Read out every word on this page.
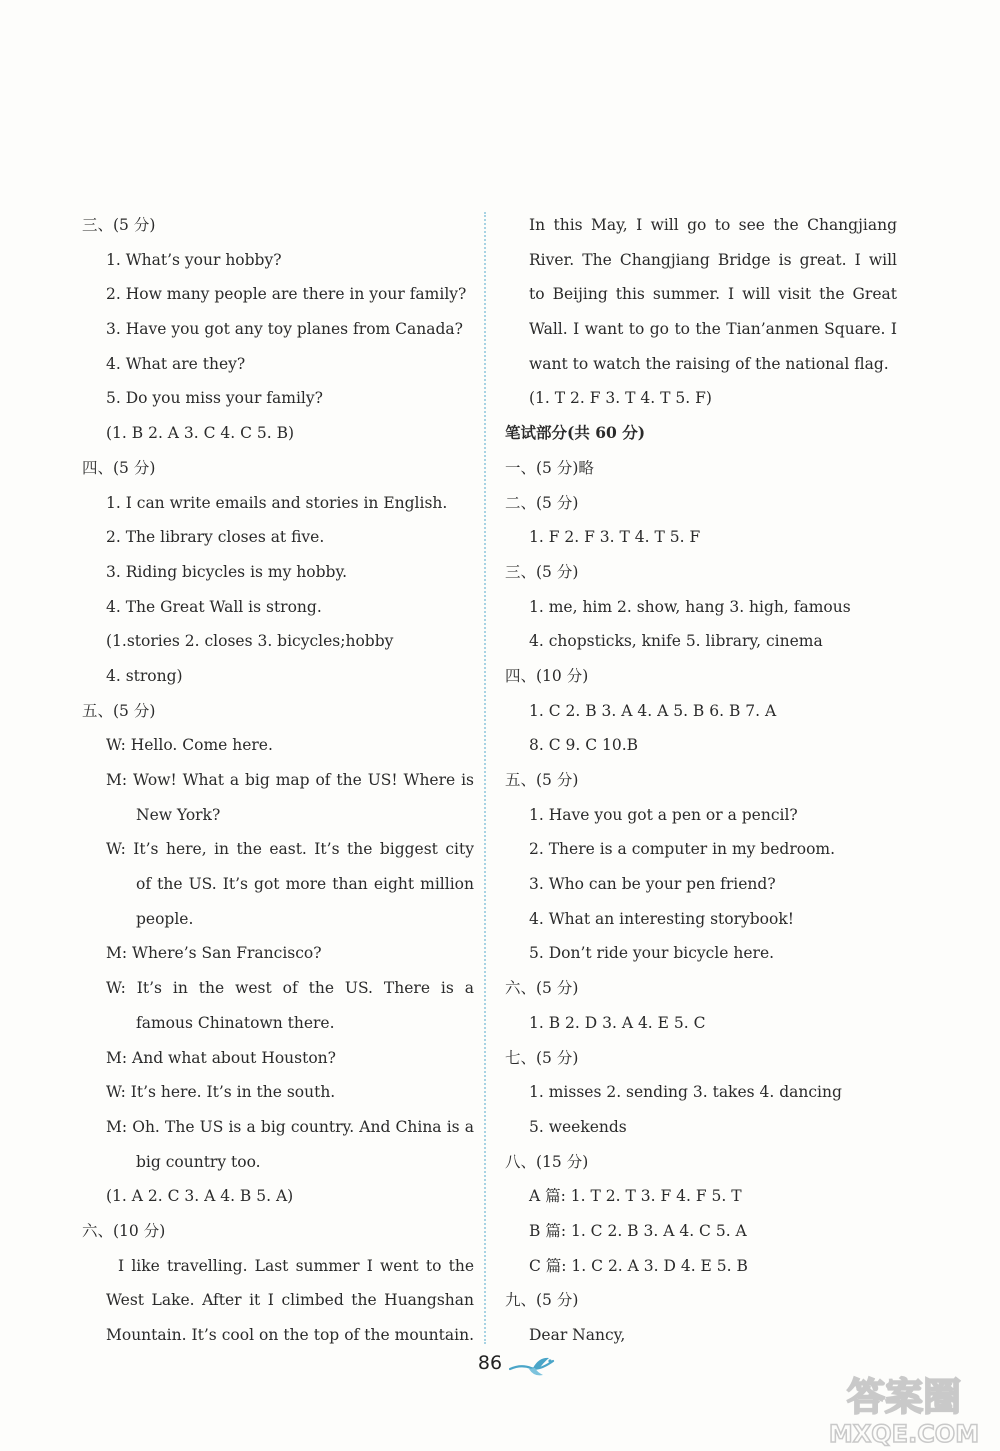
三、(5 分)
1. What’s your hobby?
2. How many people are there in your family?
3. Have you got any toy planes from Canada?
4. What are they?
5. Do you miss your family?
(1. B 2. A 3. C 4. C 5. B)
四、(5 分)
1. I can write emails and stories in English.
2. The library closes at five.
3. Riding bicycles is my hobby.
4. The Great Wall is strong.
(1.stories 2. closes 3. bicycles;hobby
4. strong)
五、(5 分)
W: Hello. Come here.
M: Wow! What a big map of the US! Where is
New York?
W: It’s here, in the east. It’s the biggest city
of the US. It’s got more than eight million
people.
M: Where’s San Francisco?
W: It’s in the west of the US. There is a
famous Chinatown there.
M: And what about Houston?
W: It’s here. It’s in the south.
M: Oh. The US is a big country. And China is a
big country too.
(1. A 2. C 3. A 4. B 5. A)
六、(10 分)
I like travelling. Last summer I went to the
West Lake. After it I climbed the Huangshan
Mountain. It’s cool on the top of the mountain.
In this May, I will go to see the Changjiang
River. The Changjiang Bridge is great. I will
to Beijing this summer. I will visit the Great
Wall. I want to go to the Tian’anmen Square. I
want to watch the raising of the national flag.
(1. T 2. F 3. T 4. T 5. F)
笔试部分(共 60 分)
一、(5 分)略
二、(5 分)
1. F 2. F 3. T 4. T 5. F
三、(5 分)
1. me, him 2. show, hang 3. high, famous
4. chopsticks, knife 5. library, cinema
四、(10 分)
1. C 2. B 3. A 4. A 5. B 6. B 7. A
8. C 9. C 10.B
五、(5 分)
1. Have you got a pen or a pencil?
2. There is a computer in my bedroom.
3. Who can be your pen friend?
4. What an interesting storybook!
5. Don’t ride your bicycle here.
六、(5 分)
1. B 2. D 3. A 4. E 5. C
七、(5 分)
1. misses 2. sending 3. takes 4. dancing
5. weekends
八、(15 分)
A 篇: 1. T 2. T 3. F 4. F 5. T
B 篇: 1. C 2. B 3. A 4. C 5. A
C 篇: 1. C 2. A 3. D 4. E 5. B
九、(5 分)
Dear Nancy,
86
答案圈
MXQE.COM
